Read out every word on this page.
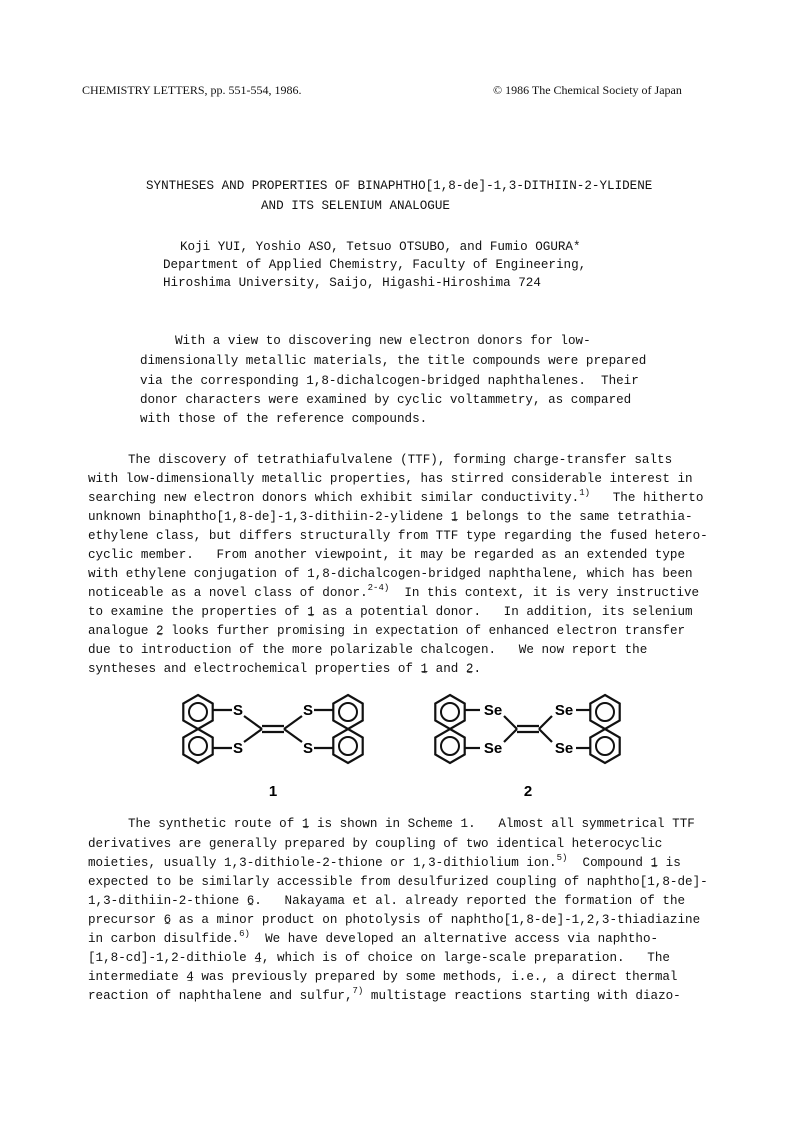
CHEMISTRY LETTERS, pp. 551-554, 1986.	© 1986 The Chemical Society of Japan
SYNTHESES AND PROPERTIES OF BINAPHTHO[1,8-de]-1,3-DITHIIN-2-YLIDENE
AND ITS SELENIUM ANALOGUE
Koji YUI, Yoshio ASO, Tetsuo OTSUBO, and Fumio OGURA*
Department of Applied Chemistry, Faculty of Engineering,
Hiroshima University, Saijo, Higashi-Hiroshima 724
With a view to discovering new electron donors for low-
dimensionally metallic materials, the title compounds were prepared
via the corresponding 1,8-dichalcogen-bridged naphthalenes.  Their
donor characters were examined by cyclic voltammetry, as compared
with those of the reference compounds.
The discovery of tetrathiafulvalene (TTF), forming charge-transfer salts
with low-dimensionally metallic properties, has stirred considerable interest in
searching new electron donors which exhibit similar conductivity.$^{1)}$   The hitherto
unknown binaphtho[1,8-de]-1,3-dithiin-2-ylidene 1 ~ belongs to the same tetrathia-
ethylene class, but differs structurally from TTF type regarding the fused hetero-
cyclic member.   From another viewpoint, it may be regarded as an extended type
with ethylene conjugation of 1,8-dichalcogen-bridged naphthalene, which has been
noticeable as a novel class of donor.$^{2-4)}$  In this context, it is very instructive
to examine the properties of 1 ~ as a potential donor.   In addition, its selenium
analogue 2 ~ looks further promising in expectation of enhanced electron transfer
due to introduction of the more polarizable chalcogen.   We now report the
syntheses and electrochemical properties of 1 ~ and 2 ~.
S
S
S
S
1
Se
Se
Se
Se
2
The synthetic route of 1 ~ is shown in Scheme 1.   Almost all symmetrical TTF
derivatives are generally prepared by coupling of two identical heterocyclic
moieties, usually 1,3-dithiole-2-thione or 1,3-dithiolium ion.$^{5)}$  Compound 1 ~ is
expected to be similarly accessible from desulfurized coupling of naphtho[1,8-de]-
1,3-dithiin-2-thione 6 ~.   Nakayama et al. already reported the formation of the
precursor 6 ~ as a minor product on photolysis of naphtho[1,8-de]-1,2,3-thiadiazine
in carbon disulfide.$^{6)}$  We have developed an alternative access via naphtho-
[1,8-cd]-1,2-dithiole 4 ~, which is of choice on large-scale preparation.   The
intermediate 4 ~ was previously prepared by some methods, i.e., a direct thermal
reaction of naphthalene and sulfur,$^{7)}$ multistage reactions starting with diazo-
